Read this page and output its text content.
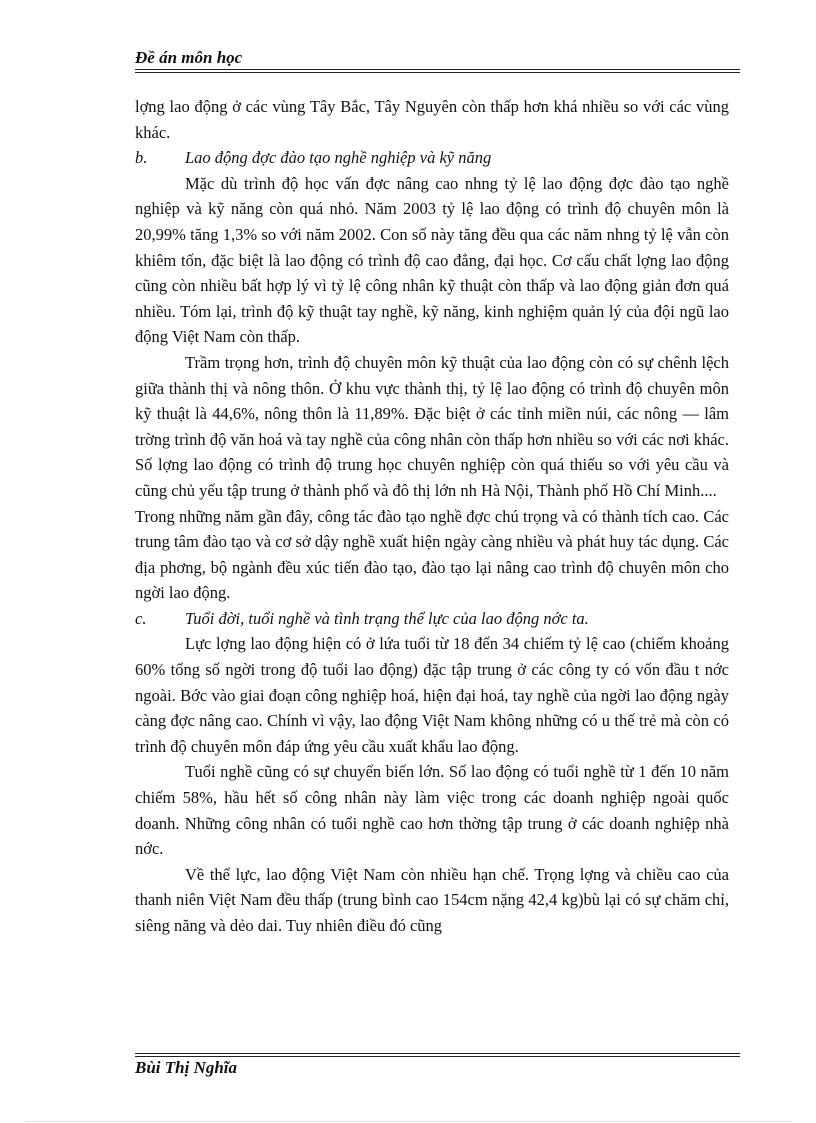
Đề án môn học

lợng lao động ở các vùng Tây Bắc, Tây Nguyên còn thấp hơn khá nhiều so với các vùng khác.

b.	Lao động đợc đào tạo nghề nghiệp và kỹ năng

Mặc dù trình độ học vấn đợc nâng cao nhng tỷ lệ lao động đợc đào tạo nghề nghiệp và kỹ năng còn quá nhỏ. Năm 2003 tỷ lệ lao động có trình độ chuyên môn là 20,99% tăng 1,3% so với năm 2002. Con số này tăng đều qua các năm nhng tỷ lệ vẫn còn khiêm tốn, đặc biệt là lao động có trình độ cao đẳng, đại học. Cơ cấu chất lợng lao động cũng còn nhiều bất hợp lý vì tỷ lệ công nhân kỹ thuật còn thấp và lao động giản đơn quá nhiều. Tóm lại, trình độ kỹ thuật tay nghề, kỹ năng, kinh nghiệm quản lý của đội ngũ lao động Việt Nam còn thấp.

Trầm trọng hơn, trình độ chuyên môn kỹ thuật của lao động còn có sự chênh lệch giữa thành thị và nông thôn. Ở khu vực thành thị, tỷ lệ lao động có trình độ chuyên môn kỹ thuật là 44,6%, nông thôn là 11,89%. Đặc biệt ở các tỉnh miền núi, các nông — lâm trờng trình độ văn hoá và tay nghề của công nhân còn thấp hơn nhiều so với các nơi khác. Số lợng lao động có trình độ trung học chuyên nghiệp còn quá thiếu so với yêu cầu và cũng chủ yếu tập trung ở thành phố và đô thị lớn nh Hà Nội, Thành phố Hồ Chí Minh....

Trong những năm gần đây, công tác đào tạo nghề đợc chú trọng và có thành tích cao. Các trung tâm đào tạo và cơ sở dậy nghề xuất hiện ngày càng nhiều và phát huy tác dụng. Các địa phơng, bộ ngành đều xúc tiến đào tạo, đào tạo lại nâng cao trình độ chuyên môn cho ngời lao động.

c.	Tuổi đời, tuổi nghề và tình trạng thể lực của lao động nớc ta.

Lực lợng lao động hiện có ở lứa tuổi từ 18 đến 34 chiếm tỷ lệ cao (chiếm khoảng 60% tổng số ngời trong độ tuổi lao động) đặc tập trung ở các công ty có vốn đầu t nớc ngoài. Bớc vào giai đoạn công nghiệp hoá, hiện đại hoá, tay nghề của ngời lao động ngày càng đợc nâng cao. Chính vì vậy, lao động Việt Nam không những có u thế trẻ mà còn có trình độ chuyên môn đáp ứng yêu cầu xuất khẩu lao động.

Tuổi nghề cũng có sự chuyển biến lớn. Số lao động có tuổi nghề từ 1 đến 10 năm chiếm 58%, hầu hết số công nhân này làm việc trong các doanh nghiệp ngoài quốc doanh. Những công nhân có tuổi nghề cao hơn thờng tập trung ở các doanh nghiệp nhà nớc.

Về thể lực, lao động Việt Nam còn nhiều hạn chế. Trọng lợng và chiều cao của thanh niên Việt Nam đều thấp (trung bình cao 154cm nặng 42,4 kg)bù lại có sự chăm chỉ, siêng năng và dẻo dai. Tuy nhiên điều đó cũng

Bùi Thị Nghĩa
